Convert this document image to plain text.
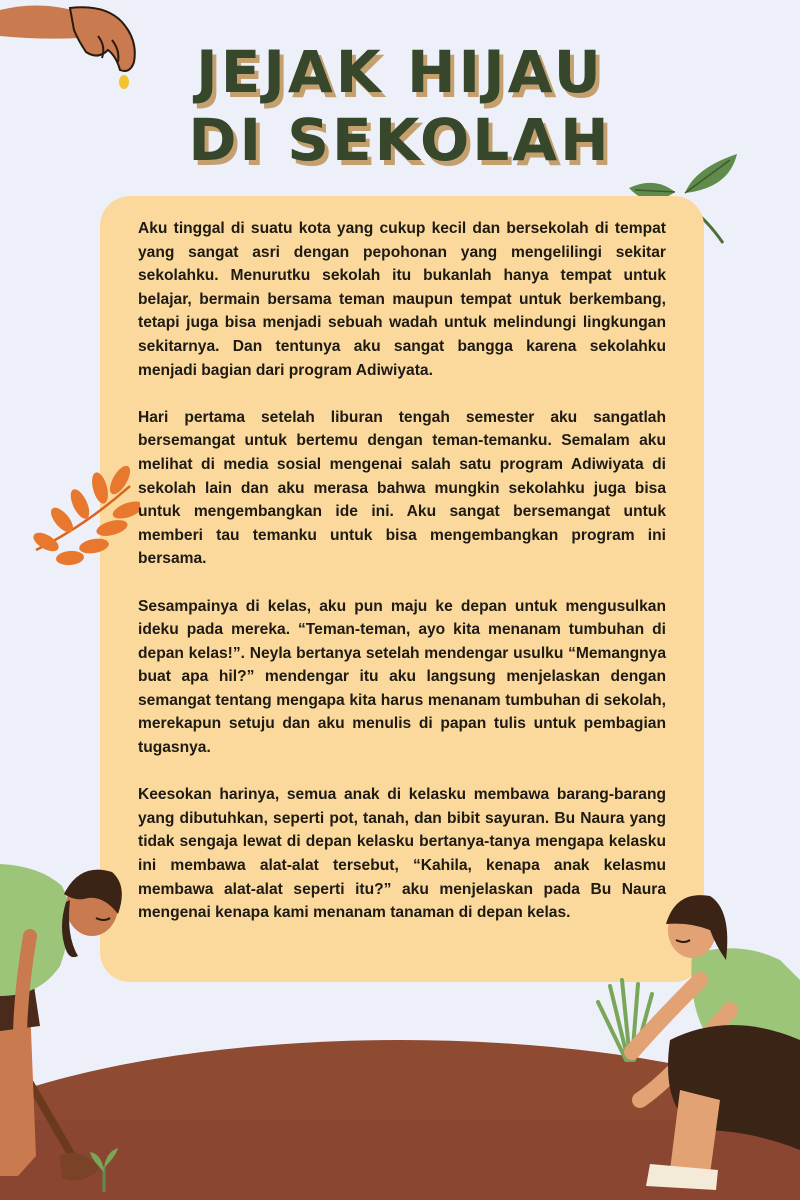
JEJAK HIJAU
DI SEKOLAH

Aku tinggal di suatu kota yang cukup kecil dan bersekolah di tempat yang sangat asri dengan pepohonan yang mengelilingi sekitar sekolahku. Menurutku sekolah itu bukanlah hanya tempat untuk belajar, bermain bersama teman maupun tempat untuk berkembang, tetapi juga bisa menjadi sebuah wadah untuk melindungi lingkungan sekitarnya. Dan tentunya aku sangat bangga karena sekolahku menjadi bagian dari program Adiwiyata.

Hari pertama setelah liburan tengah semester aku sangatlah bersemangat untuk bertemu dengan teman-temanku. Semalam aku melihat di media sosial mengenai salah satu program Adiwiyata di sekolah lain dan aku merasa bahwa mungkin sekolahku juga bisa untuk mengembangkan ide ini. Aku sangat bersemangat untuk memberi tau temanku untuk bisa mengembangkan program ini bersama.

Sesampainya di kelas, aku pun maju ke depan untuk mengusulkan ideku pada mereka. “Teman-teman, ayo kita menanam tumbuhan di depan kelas!”. Neyla bertanya setelah mendengar usulku “Memangnya buat apa hil?” mendengar itu aku langsung menjelaskan dengan semangat tentang mengapa kita harus menanam tumbuhan di sekolah, merekapun setuju dan aku menulis di papan tulis untuk pembagian tugasnya.

Keesokan harinya, semua anak di kelasku membawa barang-barang yang dibutuhkan, seperti pot, tanah, dan bibit sayuran. Bu Naura yang tidak sengaja lewat di depan kelasku bertanya-tanya mengapa kelasku ini membawa alat-alat tersebut, “Kahila, kenapa anak kelasmu membawa alat-alat seperti itu?” aku menjelaskan pada Bu Naura mengenai kenapa kami menanam tanaman di depan kelas.
